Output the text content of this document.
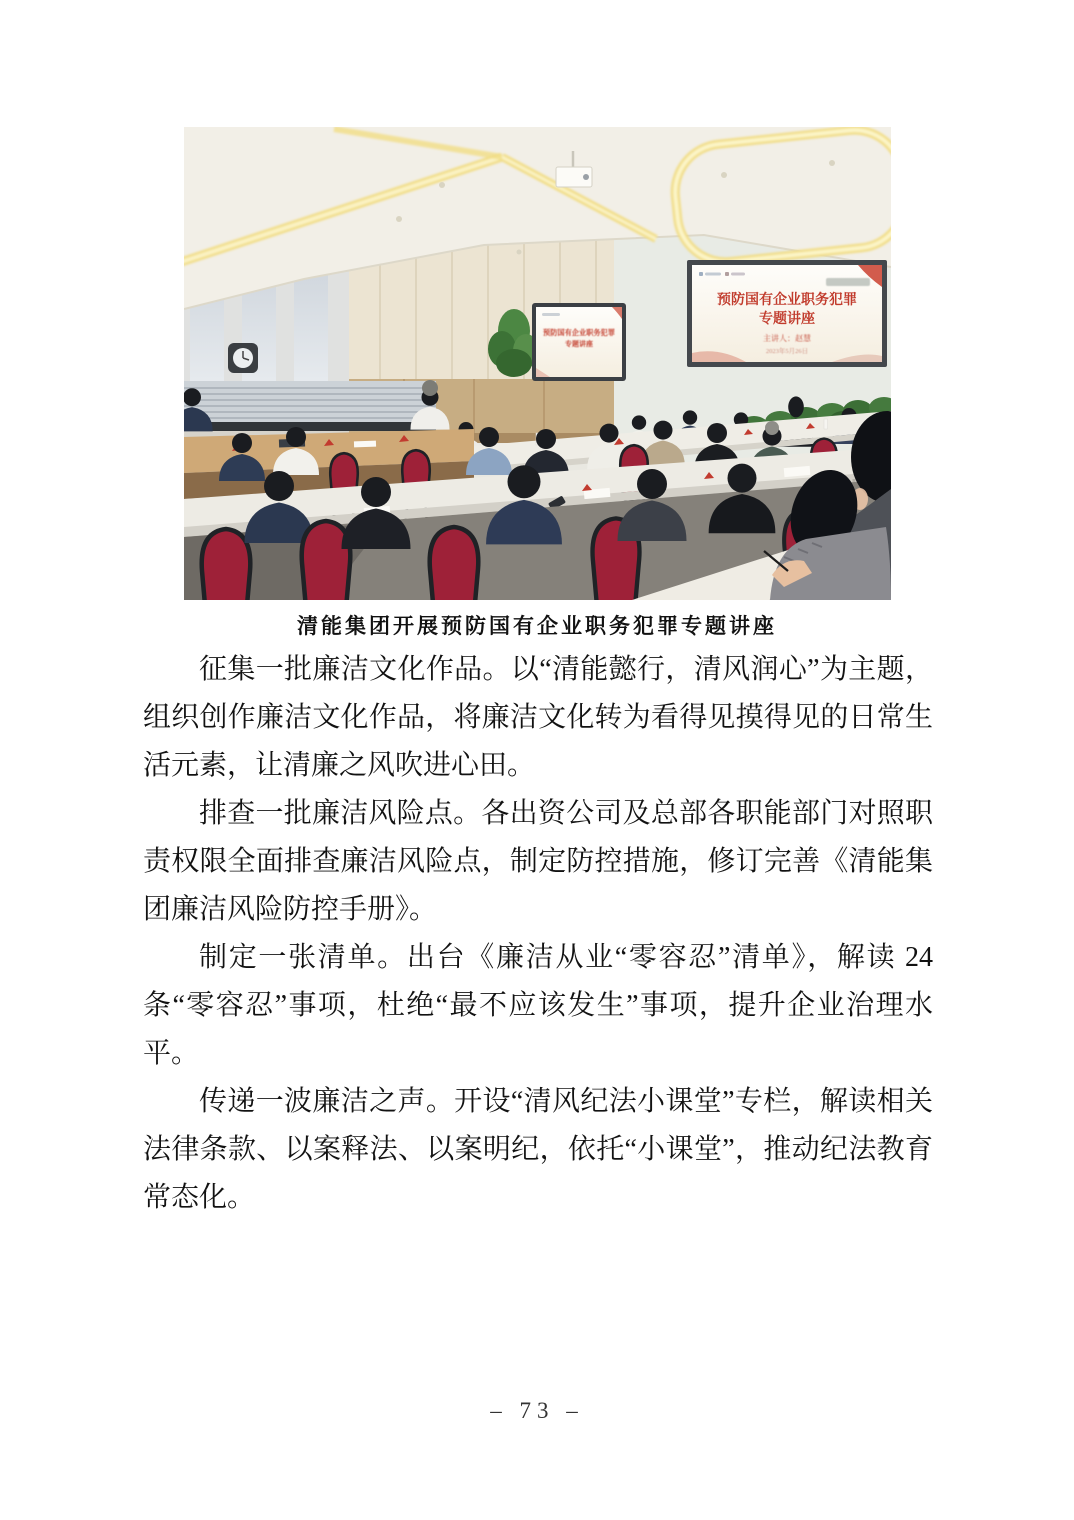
预防国有企业职务犯罪
专题讲座
预防国有企业职务犯罪
专题讲座
主讲人：赵慧
2023年5月26日
清能集团开展预防国有企业职务犯罪专题讲座

征集一批廉洁文化作品。以“清能懿行，清风润心”为主题，组织创作廉洁文化作品，将廉洁文化转为看得见摸得见的日常生活元素，让清廉之风吹进心田。

排查一批廉洁风险点。各出资公司及总部各职能部门对照职责权限全面排查廉洁风险点，制定防控措施，修订完善《清能集团廉洁风险防控手册》。

制定一张清单。出台《廉洁从业“零容忍”清单》，解读 24 条“零容忍”事项，杜绝“最不应该发生”事项，提升企业治理水平。

传递一波廉洁之声。开设“清风纪法小课堂”专栏，解读相关法律条款、以案释法、以案明纪，依托“小课堂”，推动纪法教育常态化。

– 73 –
